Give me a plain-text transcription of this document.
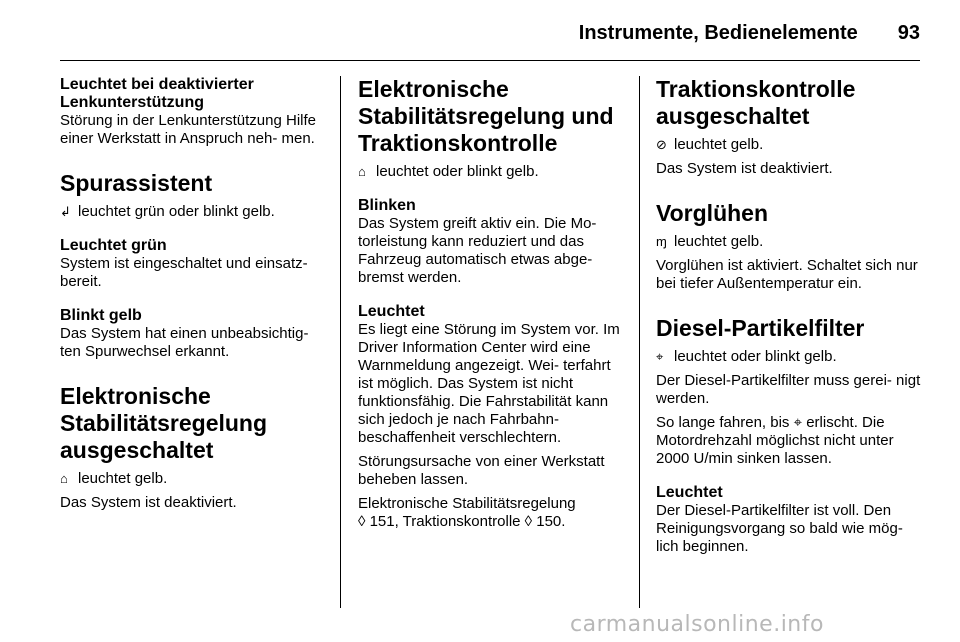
Instrumente, Bedienelemente 93

Leuchtet bei deaktivierter Lenkunterstützung

Störung in der Lenkunterstützung Hilfe einer Werkstatt in Anspruch neh- men.

Spurassistent

↲ leuchtet grün oder blinkt gelb.

Leuchtet grün

System ist eingeschaltet und einsatz- bereit.

Blinkt gelb

Das System hat einen unbeabsichtig- ten Spurwechsel erkannt.

Elektronische Stabilitätsregelung ausgeschaltet

⌂ leuchtet gelb.

Das System ist deaktiviert.

Elektronische Stabilitätsregelung und Traktionskontrolle

⌂ leuchtet oder blinkt gelb.

Blinken

Das System greift aktiv ein. Die Mo- torleistung kann reduziert und das Fahrzeug automatisch etwas abge- bremst werden.

Leuchtet

Es liegt eine Störung im System vor. Im Driver Information Center wird eine Warnmeldung angezeigt. Wei- terfahrt ist möglich. Das System ist nicht funktionsfähig. Die Fahrstabilität kann sich jedoch je nach Fahrbahn- beschaffenheit verschlechtern.

Störungsursache von einer Werkstatt beheben lassen.

Elektronische Stabilitätsregelung

◊ 151, Traktionskontrolle ◊ 150.

Traktionskontrolle ausgeschaltet

⊘ leuchtet gelb.

Das System ist deaktiviert.

Vorglühen

ɱ leuchtet gelb.

Vorglühen ist aktiviert. Schaltet sich nur bei tiefer Außentemperatur ein.

Diesel-Partikelfilter

⌖ leuchtet oder blinkt gelb.

Der Diesel-Partikelfilter muss gerei- nigt werden.

So lange fahren, bis ⌖ erlischt. Die Motordrehzahl möglichst nicht unter 2000 U/min sinken lassen.

Leuchtet

Der Diesel-Partikelfilter ist voll. Den Reinigungsvorgang so bald wie mög- lich beginnen.

carmanualsonline.info
